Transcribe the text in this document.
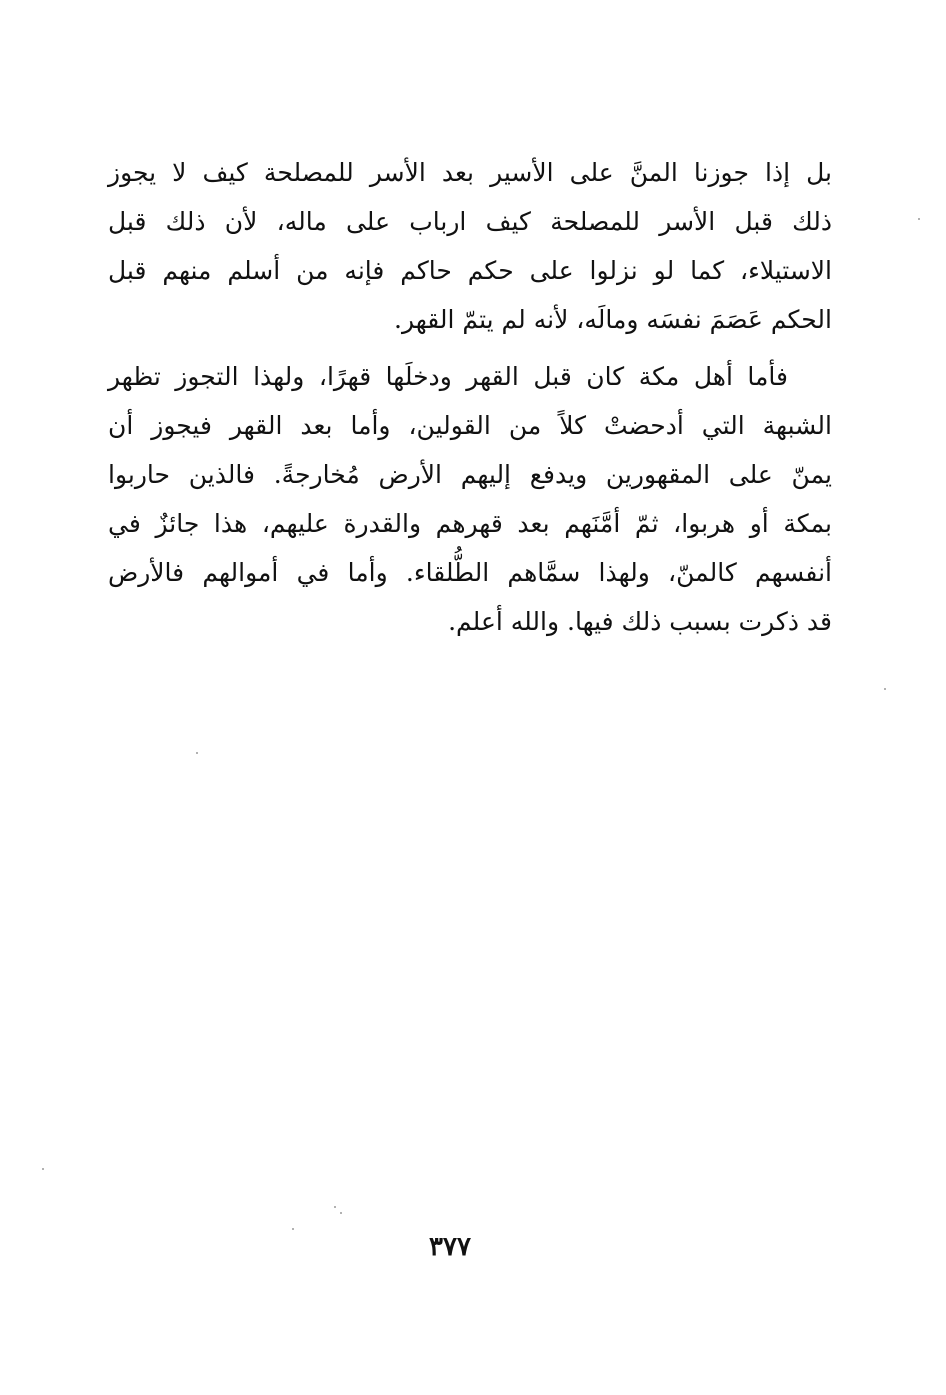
بل إذا جوزنا المنَّ على الأسير بعد الأسر للمصلحة كيف لا يجوز
ذلك قبل الأسر للمصلحة كيف ارباب على ماله، لأن ذلك قبل
الاستيلاء، كما لو نزلوا على حكم حاكم فإنه من أسلم منهم قبل
الحكم عَصَمَ نفسَه ومالَه، لأنه لم يتمّ القهر.
فأما أهل مكة كان قبل القهر ودخلَها قهرًا، ولهذا التجوز تظهر
الشبهة التي أدحضتْ كلاً من القولين، وأما بعد القهر فيجوز أن
يمنّ على المقهورين ويدفع إليهم الأرض مُخارجةً. فالذين حاربوا
بمكة أو هربوا، ثمّ أمَّنَهم بعد قهرهم والقدرة عليهم، هذا جائزٌ في
أنفسهم كالمنّ، ولهذا سمَّاهم الطُّلقاء. وأما في أموالهم فالأرض
قد ذكرت بسبب ذلك فيها. والله أعلم.
٣٧٧
